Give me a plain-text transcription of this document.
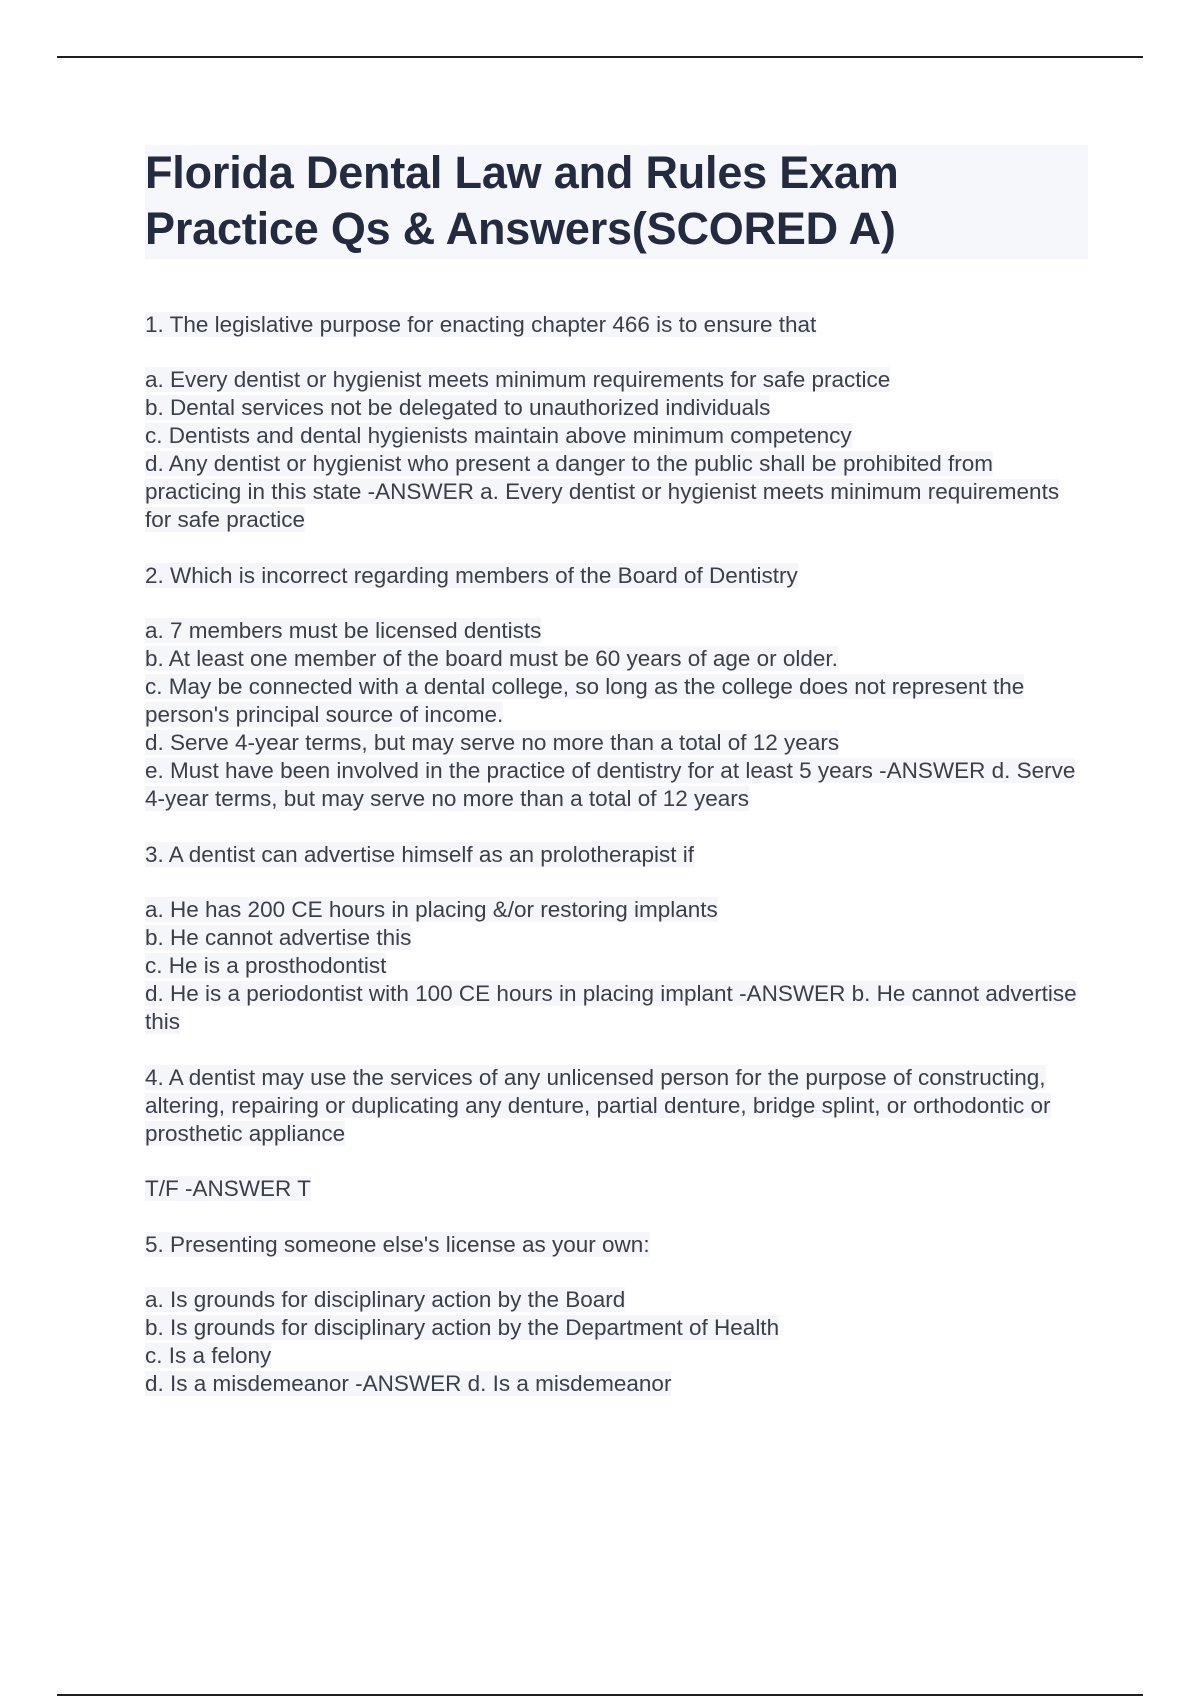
Florida Dental Law and Rules Exam
Practice Qs & Answers(SCORED A)
1. The legislative purpose for enacting chapter 466 is to ensure that
a. Every dentist or hygienist meets minimum requirements for safe practice
b. Dental services not be delegated to unauthorized individuals
c. Dentists and dental hygienists maintain above minimum competency
d. Any dentist or hygienist who present a danger to the public shall be prohibited from practicing in this state -ANSWER a. Every dentist or hygienist meets minimum requirements for safe practice
2. Which is incorrect regarding members of the Board of Dentistry
a. 7 members must be licensed dentists
b. At least one member of the board must be 60 years of age or older.
c. May be connected with a dental college, so long as the college does not represent the person's principal source of income.
d. Serve 4-year terms, but may serve no more than a total of 12 years
e. Must have been involved in the practice of dentistry for at least 5 years -ANSWER d. Serve 4-year terms, but may serve no more than a total of 12 years
3. A dentist can advertise himself as an prolotherapist if
a. He has 200 CE hours in placing &/or restoring implants
b. He cannot advertise this
c. He is a prosthodontist
d. He is a periodontist with 100 CE hours in placing implant -ANSWER b. He cannot advertise this
4. A dentist may use the services of any unlicensed person for the purpose of constructing, altering, repairing or duplicating any denture, partial denture, bridge splint, or orthodontic or prosthetic appliance
T/F -ANSWER T
5. Presenting someone else's license as your own:
a. Is grounds for disciplinary action by the Board
b. Is grounds for disciplinary action by the Department of Health
c. Is a felony
d. Is a misdemeanor -ANSWER d. Is a misdemeanor
